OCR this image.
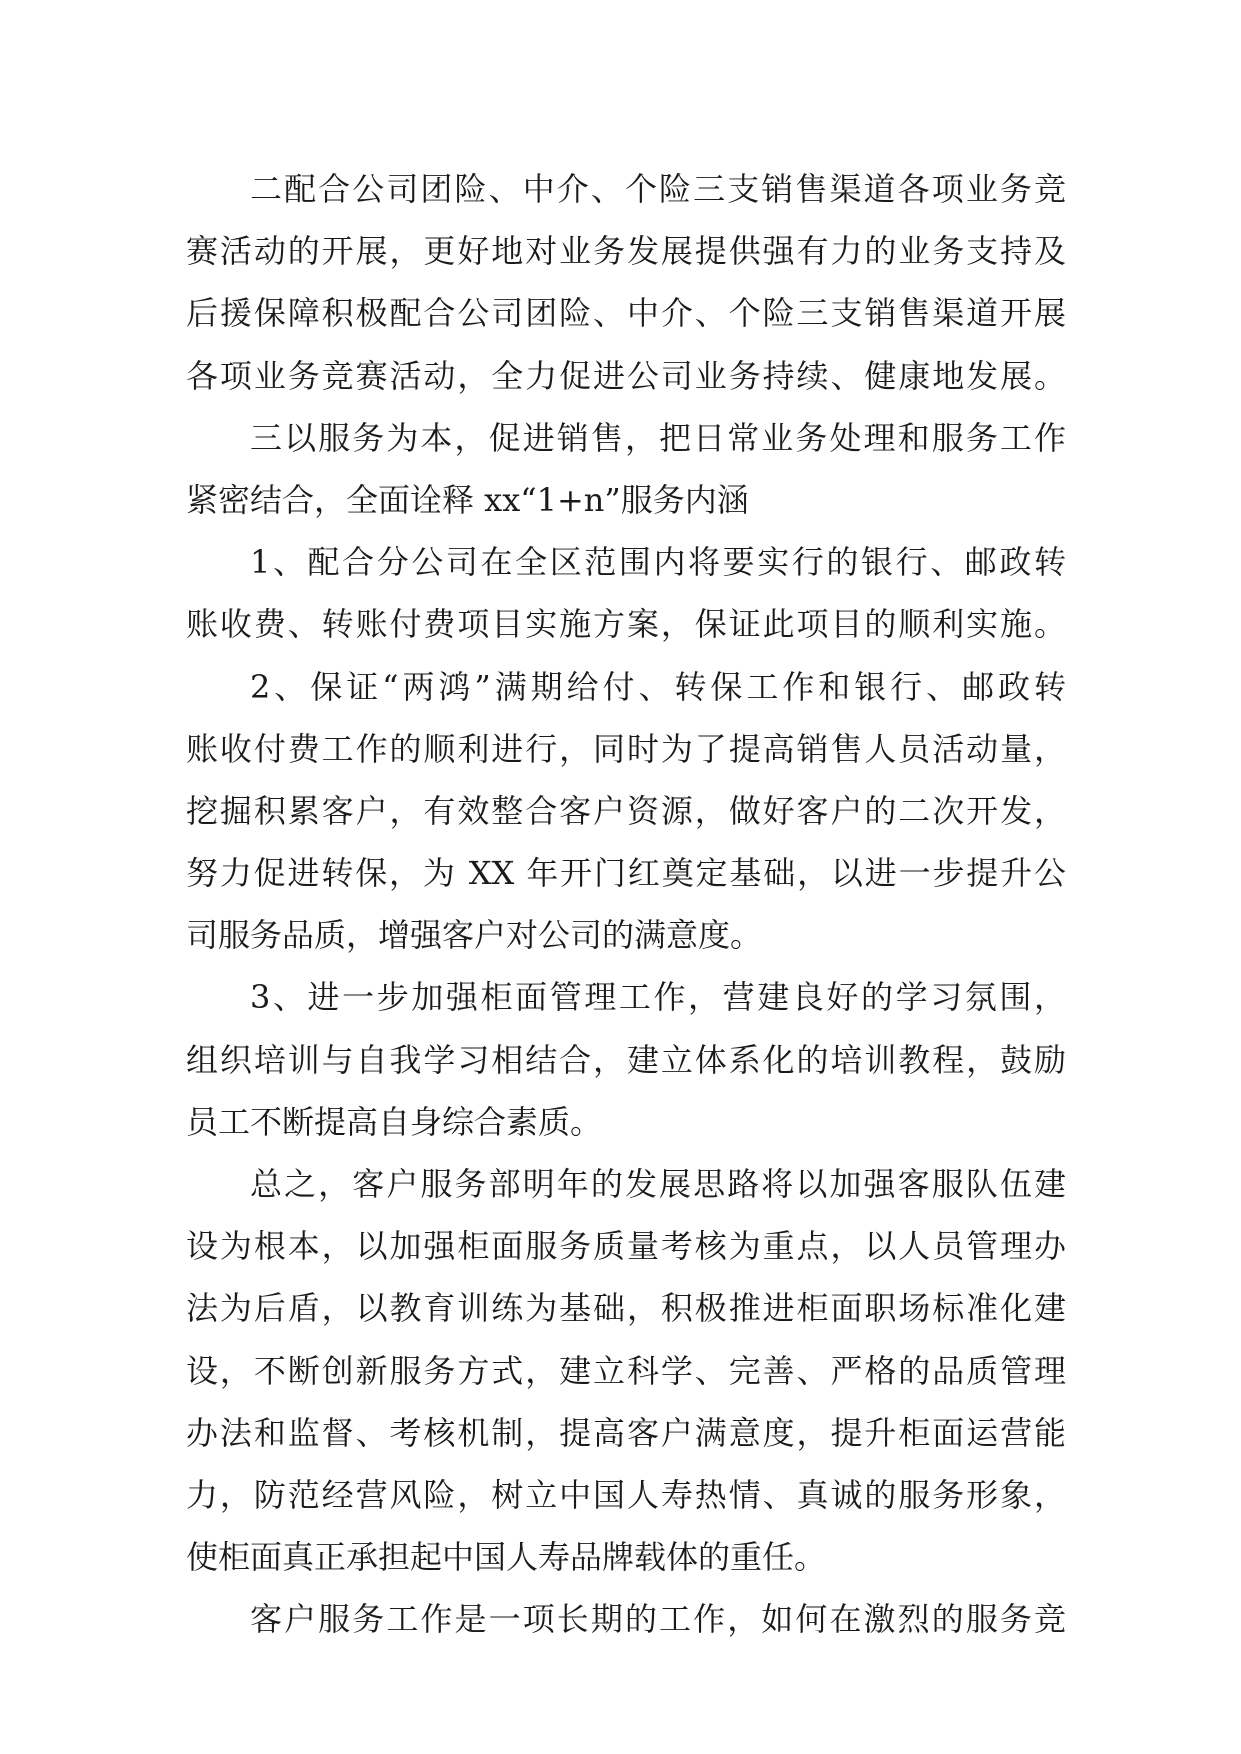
二配合公司团险、中介、个险三支销售渠道各项业务竞
赛活动的开展，更好地对业务发展提供强有力的业务支持及
后援保障积极配合公司团险、中介、个险三支销售渠道开展
各项业务竞赛活动，全力促进公司业务持续、健康地发展。
三以服务为本，促进销售，把日常业务处理和服务工作
紧密结合，全面诠释 xx“1+n”服务内涵
1、配合分公司在全区范围内将要实行的银行、邮政转
账收费、转账付费项目实施方案，保证此项目的顺利实施。
2、保证“两鸿”满期给付、转保工作和银行、邮政转
账收付费工作的顺利进行，同时为了提高销售人员活动量，
挖掘积累客户，有效整合客户资源，做好客户的二次开发，
努力促进转保，为 XX 年开门红奠定基础，以进一步提升公
司服务品质，增强客户对公司的满意度。
3、进一步加强柜面管理工作，营建良好的学习氛围，
组织培训与自我学习相结合，建立体系化的培训教程，鼓励
员工不断提高自身综合素质。
总之，客户服务部明年的发展思路将以加强客服队伍建
设为根本，以加强柜面服务质量考核为重点，以人员管理办
法为后盾，以教育训练为基础，积极推进柜面职场标准化建
设，不断创新服务方式，建立科学、完善、严格的品质管理
办法和监督、考核机制，提高客户满意度，提升柜面运营能
力，防范经营风险，树立中国人寿热情、真诚的服务形象，
使柜面真正承担起中国人寿品牌载体的重任。
客户服务工作是一项长期的工作，如何在激烈的服务竞
